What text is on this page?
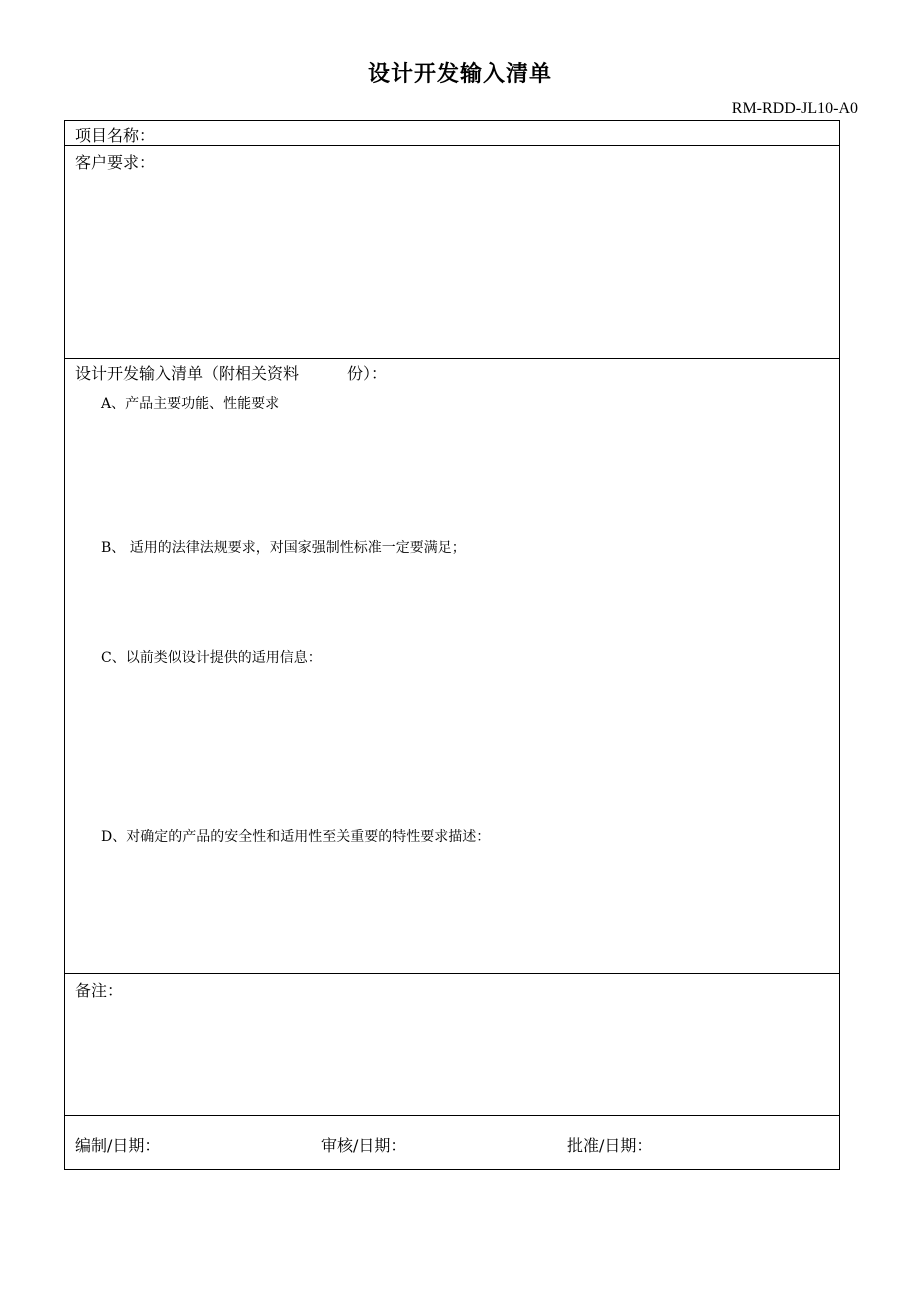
设计开发输入清单
RM-RDD-JL10-A0
项目名称：
客户要求：
设计开发输入清单（附相关资料	份）：
A、产品主要功能、性能要求
B、 适用的法律法规要求，对国家强制性标准一定要满足；
C、以前类似设计提供的适用信息：
D、对确定的产品的安全性和适用性至关重要的特性要求描述：
备注：
编制/日期：	审核/日期：	批准/日期：
